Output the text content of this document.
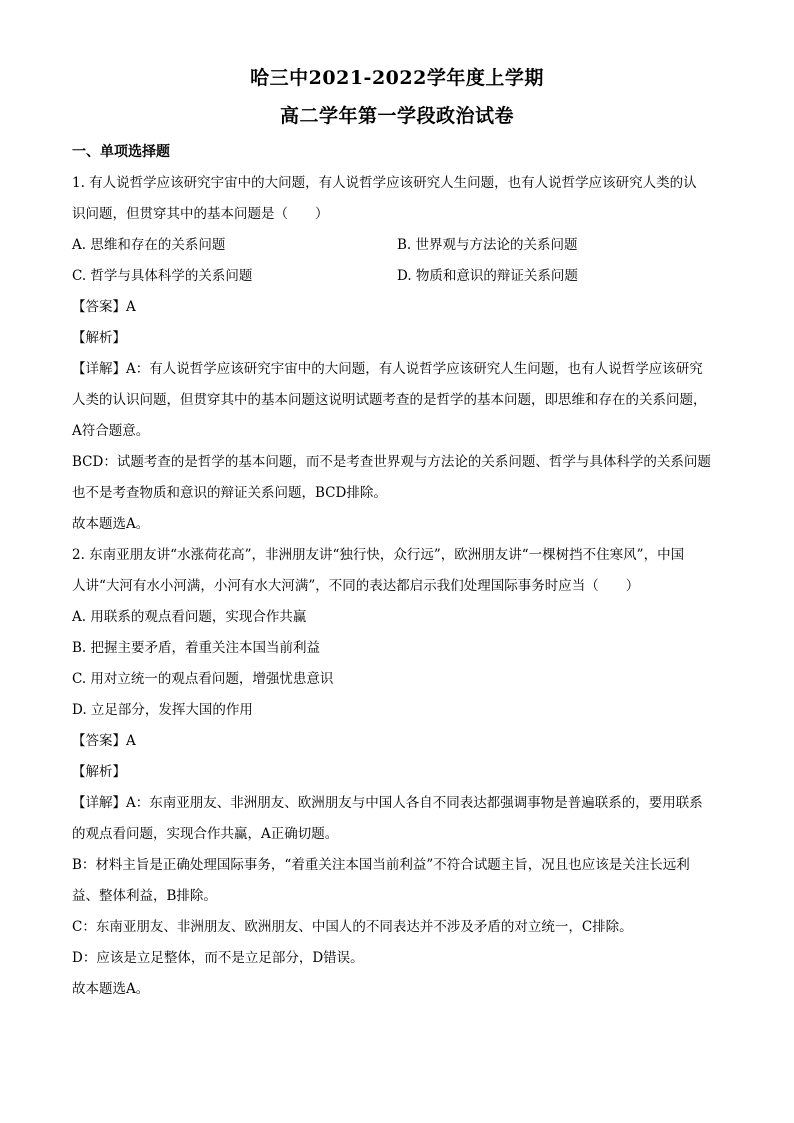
哈三中2021-2022学年度上学期
高二学年第一学段政治试卷
一、单项选择题

1. 有人说哲学应该研究宇宙中的大问题，有人说哲学应该研究人生问题，也有人说哲学应该研究人类的认

识问题，但贯穿其中的基本问题是（　　）

A. 思维和存在的关系问题	B. 世界观与方法论的关系问题
C. 哲学与具体科学的关系问题	D. 物质和意识的辩证关系问题

【答案】A

【解析】

【详解】A：有人说哲学应该研究宇宙中的大问题，有人说哲学应该研究人生问题，也有人说哲学应该研究

人类的认识问题，但贯穿其中的基本问题这说明试题考查的是哲学的基本问题，即思维和存在的关系问题，

A符合题意。

BCD：试题考查的是哲学的基本问题，而不是考查世界观与方法论的关系问题、哲学与具体科学的关系问题

也不是考查物质和意识的辩证关系问题，BCD排除。

故本题选A。

2. 东南亚朋友讲“水涨荷花高”，非洲朋友讲“独行快，众行远”，欧洲朋友讲“一棵树挡不住寒风”，中国

人讲“大河有水小河满，小河有水大河满”，不同的表达都启示我们处理国际事务时应当（　　）

A. 用联系的观点看问题，实现合作共赢

B. 把握主要矛盾，着重关注本国当前利益

C. 用对立统一的观点看问题，增强忧患意识

D. 立足部分，发挥大国的作用

【答案】A

【解析】

【详解】A：东南亚朋友、非洲朋友、欧洲朋友与中国人各自不同表达都强调事物是普遍联系的，要用联系

的观点看问题，实现合作共赢，A正确切题。

B：材料主旨是正确处理国际事务，“着重关注本国当前利益”不符合试题主旨，况且也应该是关注长远利

益、整体利益，B排除。

C：东南亚朋友、非洲朋友、欧洲朋友、中国人的不同表达并不涉及矛盾的对立统一，C排除。

D：应该是立足整体，而不是立足部分，D错误。

故本题选A。
